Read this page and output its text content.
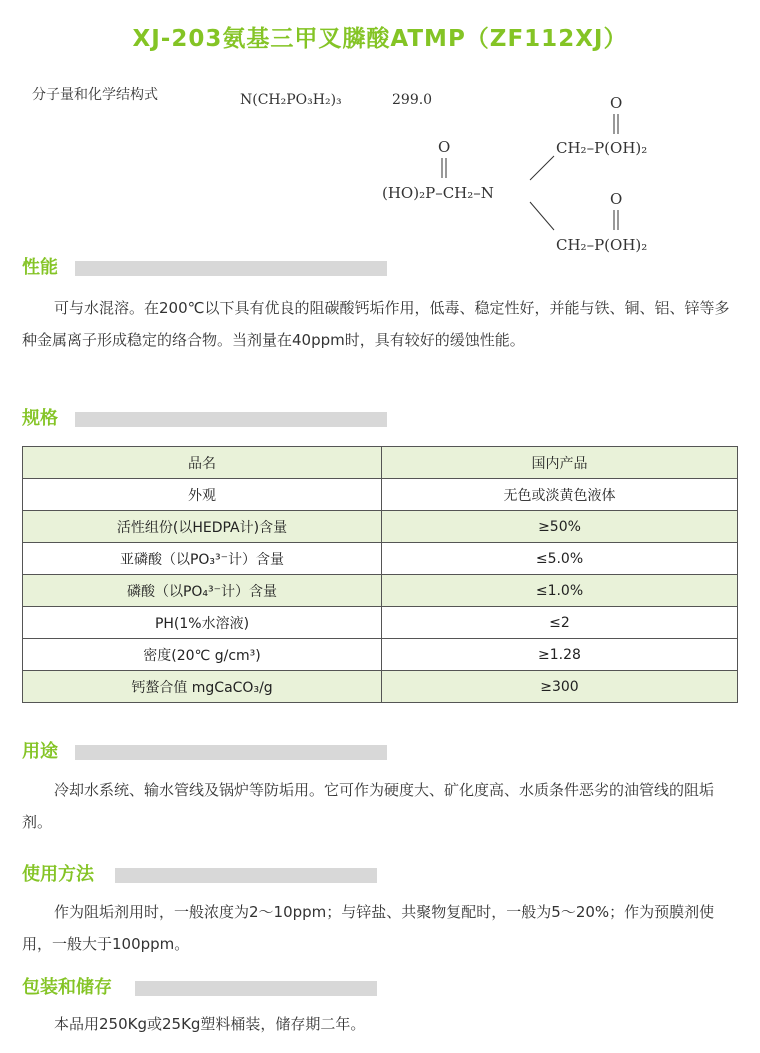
XJ-203氨基三甲叉膦酸ATMP（ZF112XJ）
分子量和化学结构式	N(CH₂PO₃H₂)₃	299.0	O
CH₂–P(OH)₂
O
(HO)₂P–CH₂–N	O
CH₂–P(OH)₂
性能
可与水混溶。在200℃以下具有优良的阻碳酸钙垢作用，低毒、稳定性好，并能与铁、铜、铝、锌等多种金属离子形成稳定的络合物。当剂量在40ppm时，具有较好的缓蚀性能。
规格
品名	国内产品
外观	无色或淡黄色液体
活性组份(以HEDPA计)含量	≥50%
亚磷酸（以PO₃³⁻计）含量	≤5.0%
磷酸（以PO₄³⁻计）含量	≤1.0%
PH(1%水溶液)	≤2
密度(20℃ g/cm³)	≥1.28
钙螯合值 mgCaCO₃/g	≥300
用途
冷却水系统、输水管线及锅炉等防垢用。它可作为硬度大、矿化度高、水质条件恶劣的油管线的阻垢剂。
使用方法
作为阻垢剂用时，一般浓度为2～10ppm；与锌盐、共聚物复配时，一般为5～20%；作为预膜剂使用，一般大于100ppm。
包装和储存
本品用250Kg或25Kg塑料桶装，储存期二年。
